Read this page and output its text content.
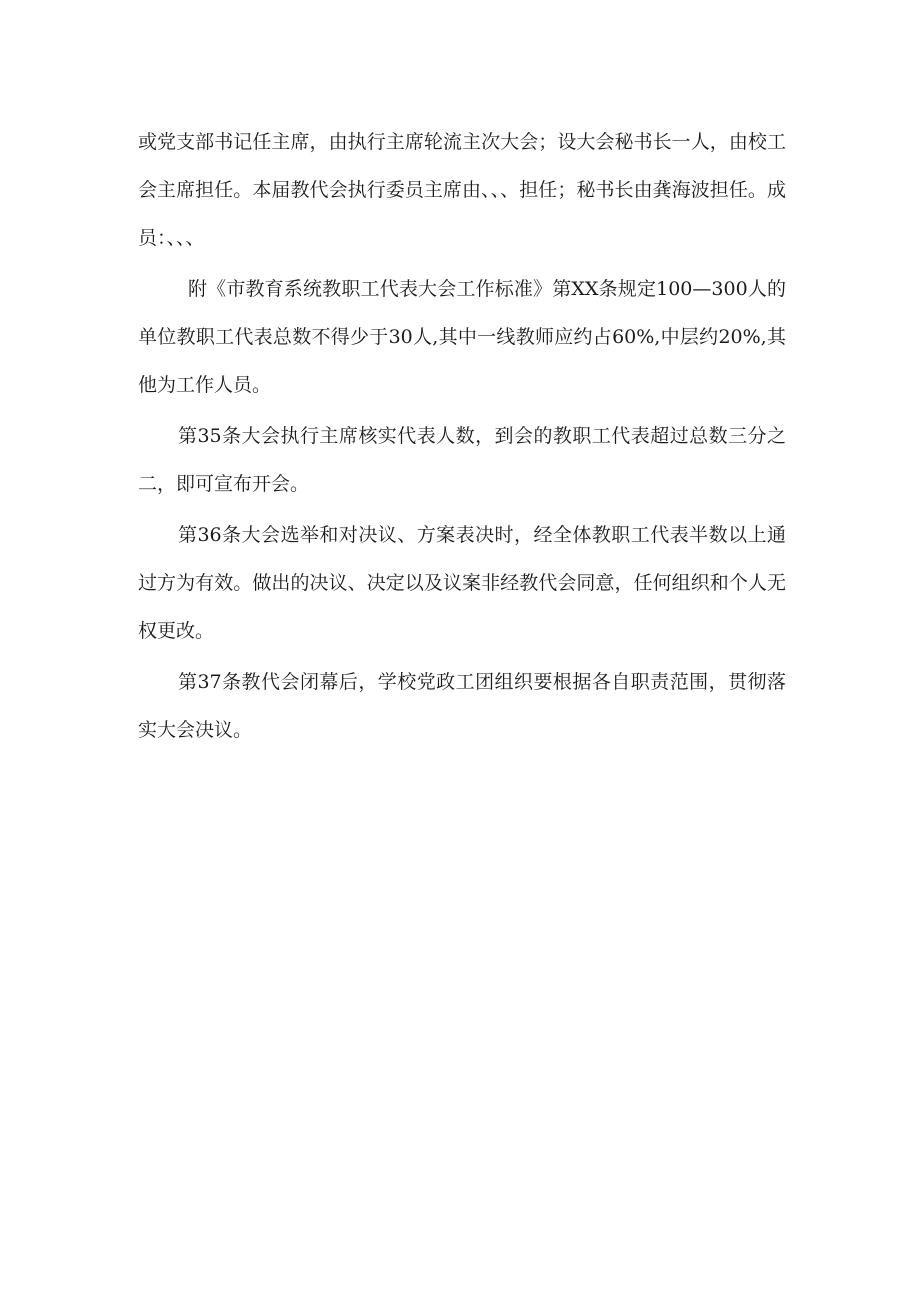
或党支部书记任主席，由执行主席轮流主次大会；设大会秘书长一人，由校工会主席担任。本届教代会执行委员主席由、、、担任；秘书长由龚海波担任。成员：、、、

附《市教育系统教职工代表大会工作标准》第XX条规定100—300人的单位教职工代表总数不得少于30人,其中一线教师应约占60%,中层约20%,其他为工作人员。

第35条大会执行主席核实代表人数，到会的教职工代表超过总数三分之二，即可宣布开会。

第36条大会选举和对决议、方案表决时，经全体教职工代表半数以上通过方为有效。做出的决议、决定以及议案非经教代会同意，任何组织和个人无权更改。

第37条教代会闭幕后，学校党政工团组织要根据各自职责范围，贯彻落实大会决议。
